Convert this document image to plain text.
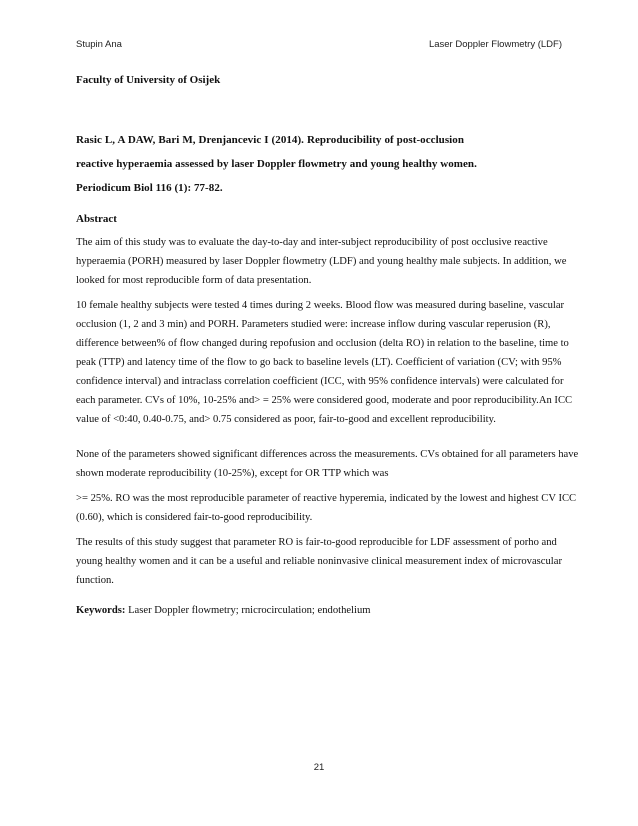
Stupin Ana	Laser Doppler Flowmetry (LDF)

Faculty of University of Osijek

Rasic L, A DAW, Bari M, Drenjancevic I (2014). Reproducibility of post-occlusion
reactive hyperaemia assessed by laser Doppler flowmetry and young healthy women.
Periodicum Biol 116 (1): 77-82.

Abstract

The aim of this study was to evaluate the day-to-day and inter-subject reproducibility of post occlusive reactive
hyperaemia (PORH) measured by laser Doppler flowmetry (LDF) and young healthy male subjects. In addition, we
looked for most reproducible form of data presentation.

10 female healthy subjects were tested 4 times during 2 weeks. Blood flow was measured during baseline, vascular
occlusion (1, 2 and 3 min) and PORH. Parameters studied were: increase inflow during vascular reperusion (R),
difference between% of flow changed during repofusion and occlusion (delta RO) in relation to the baseline, time to
peak (TTP) and latency time of the flow to go back to baseline levels (LT). Coefficient of variation (CV; with 95%
confidence interval) and intraclass correlation coefficient (ICC, with 95% confidence intervals) were calculated for
each parameter. CVs of 10%, 10-25% and> = 25% were considered good, moderate and poor reproducibility.An ICC
value of <0:40, 0.40-0.75, and> 0.75 considered as poor, fair-to-good and excellent reproducibility.

None of the parameters showed significant differences across the measurements. CVs obtained for all parameters have
shown moderate reproducibility (10-25%), except for OR TTP which was

>= 25%. RO was the most reproducible parameter of reactive hyperemia, indicated by the lowest and highest CV ICC
(0.60), which is considered fair-to-good reproducibility.

The results of this study suggest that parameter RO is fair-to-good reproducible for LDF assessment of porho and
young healthy women and it can be a useful and reliable noninvasive clinical measurement index of microvascular
function.

Keywords: Laser Doppler flowmetry; rnicrocirculation; endothelium

21
